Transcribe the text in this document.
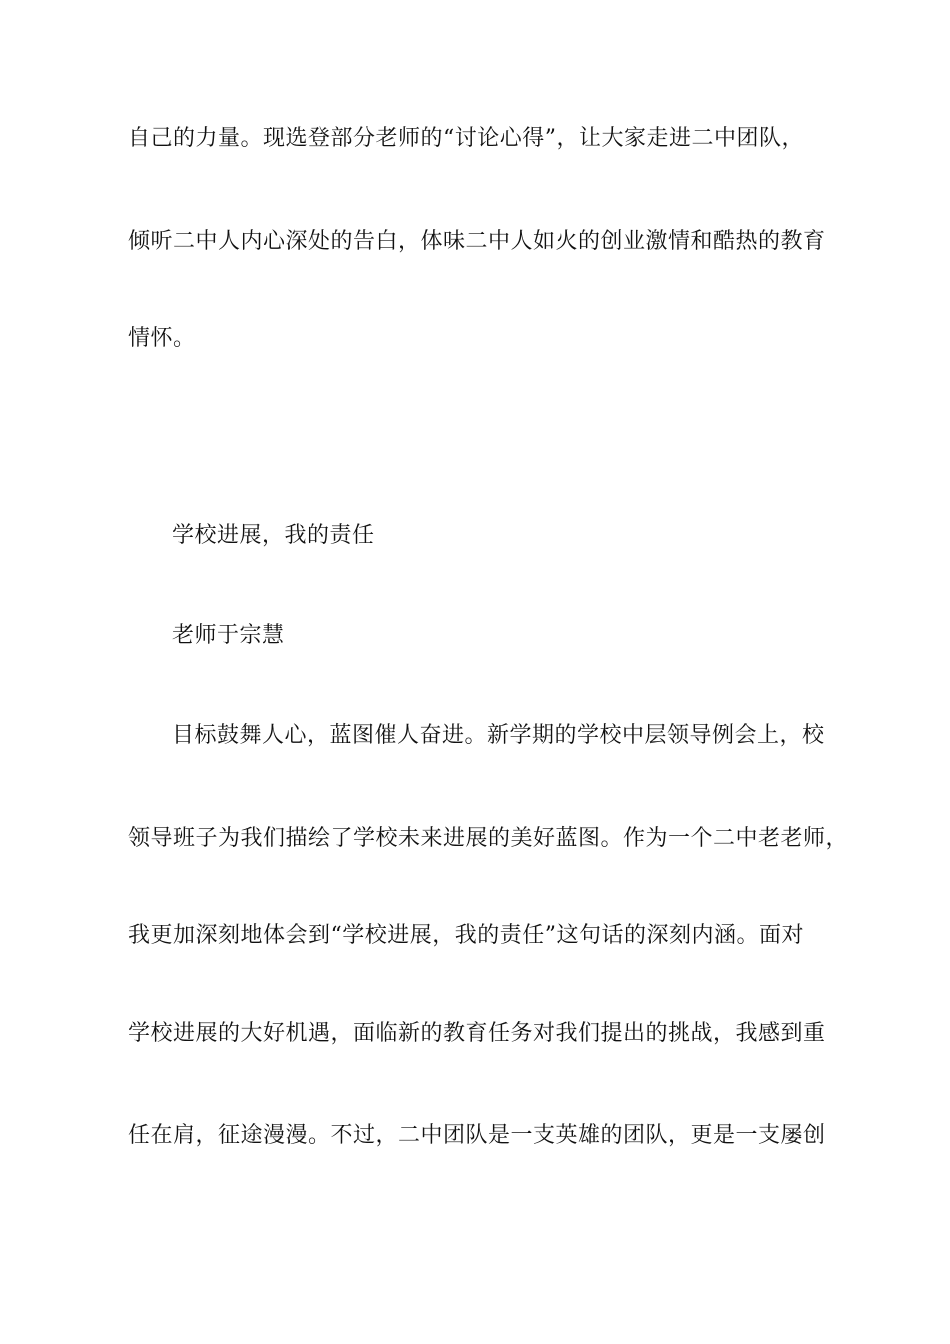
自己的力量。现选登部分老师的“讨论心得”，让大家走进二中团队，
倾听二中人内心深处的告白，体味二中人如火的创业激情和酷热的教育
情怀。
学校进展，我的责任
老师于宗慧
目标鼓舞人心，蓝图催人奋进。新学期的学校中层领导例会上，校
领导班子为我们描绘了学校未来进展的美好蓝图。作为一个二中老老师，
我更加深刻地体会到“学校进展，我的责任”这句话的深刻内涵。面对
学校进展的大好机遇，面临新的教育任务对我们提出的挑战，我感到重
任在肩，征途漫漫。不过，二中团队是一支英雄的团队，更是一支屡创
